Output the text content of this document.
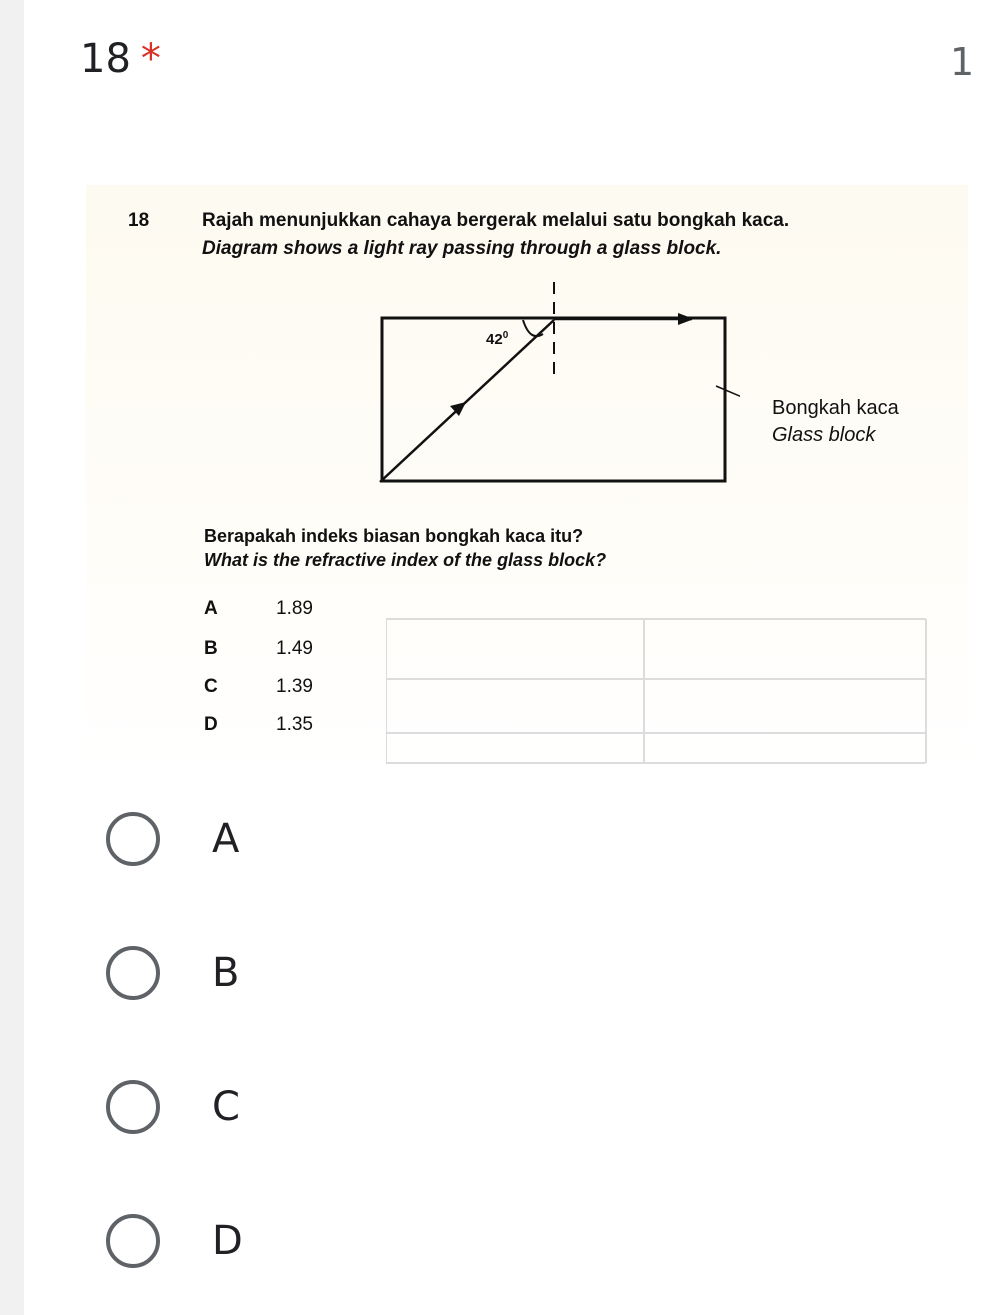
18 *	1
18	Rajah menunjukkan cahaya bergerak melalui satu bongkah kaca.
Diagram shows a light ray passing through a glass block.
$42^0$
Bongkah kaca
Glass block
Berapakah indeks biasan bongkah kaca itu?
What is the refractive index of the glass block?
A	1.89
B	1.49
C	1.39
D	1.35
A
B
C
D
